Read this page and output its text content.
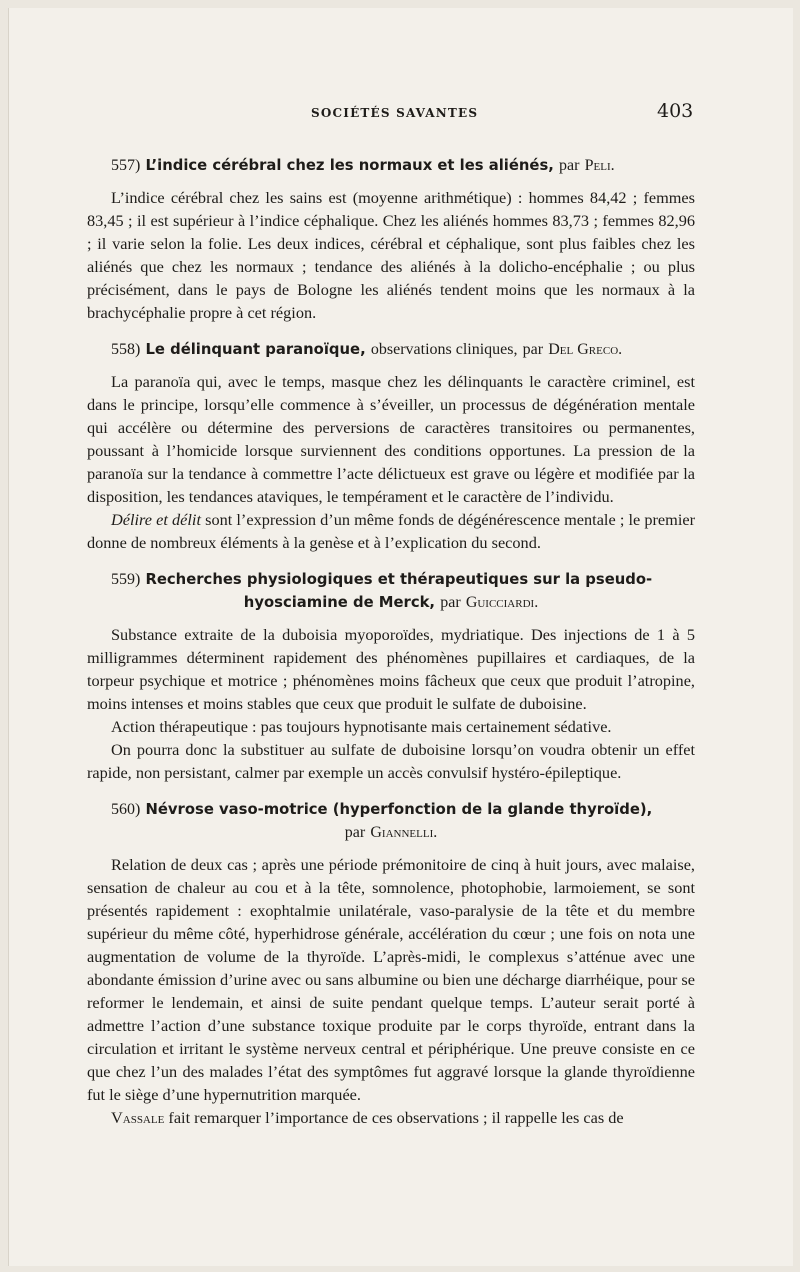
SOCIÉTÉS SAVANTES	403
557) L’indice cérébral chez les normaux et les aliénés, par Peli.

L’indice cérébral chez les sains est (moyenne arithmétique) : hommes 84,42 ; femmes 83,45 ; il est supérieur à l’indice céphalique. Chez les aliénés hommes 83,73 ; femmes 82,96 ; il varie selon la folie. Les deux indices, cérébral et céphalique, sont plus faibles chez les aliénés que chez les normaux ; tendance des aliénés à la dolicho-encéphalie ; ou plus précisément, dans le pays de Bologne les aliénés tendent moins que les normaux à la brachycéphalie propre à cet région.

558) Le délinquant paranoïque, observations cliniques, par Del Greco.

La paranoïa qui, avec le temps, masque chez les délinquants le caractère criminel, est dans le principe, lorsqu’elle commence à s’éveiller, un processus de dégénération mentale qui accélère ou détermine des perversions de caractères transitoires ou permanentes, poussant à l’homicide lorsque surviennent des conditions opportunes. La pression de la paranoïa sur la tendance à commettre l’acte délictueux est grave ou légère et modifiée par la disposition, les tendances ataviques, le tempérament et le caractère de l’individu.

Délire et délit sont l’expression d’un même fonds de dégénérescence mentale ; le premier donne de nombreux éléments à la genèse et à l’explication du second.

559) Recherches physiologiques et thérapeutiques sur la pseudo-
hyosciamine de Merck, par Guicciardi.

Substance extraite de la duboisia myoporoïdes, mydriatique. Des injections de 1 à 5 milligrammes déterminent rapidement des phénomènes pupillaires et cardiaques, de la torpeur psychique et motrice ; phénomènes moins fâcheux que ceux que produit l’atropine, moins intenses et moins stables que ceux que produit le sulfate de duboisine.

Action thérapeutique : pas toujours hypnotisante mais certainement sédative.

On pourra donc la substituer au sulfate de duboisine lorsqu’on voudra obtenir un effet rapide, non persistant, calmer par exemple un accès convulsif hystéro-épileptique.

560) Névrose vaso-motrice (hyperfonction de la glande thyroïde),
par Giannelli.

Relation de deux cas ; après une période prémonitoire de cinq à huit jours, avec malaise, sensation de chaleur au cou et à la tête, somnolence, photophobie, larmoiement, se sont présentés rapidement : exophtalmie unilatérale, vaso-paralysie de la tête et du membre supérieur du même côté, hyperhidrose générale, accélération du cœur ; une fois on nota une augmentation de volume de la thyroïde. L’après-midi, le complexus s’atténue avec une abondante émission d’urine avec ou sans albumine ou bien une décharge diarrhéique, pour se reformer le lendemain, et ainsi de suite pendant quelque temps. L’auteur serait porté à admettre l’action d’une substance toxique produite par le corps thyroïde, entrant dans la circulation et irritant le système nerveux central et périphérique. Une preuve consiste en ce que chez l’un des malades l’état des symptômes fut aggravé lorsque la glande thyroïdienne fut le siège d’une hypernutrition marquée.

Vassale fait remarquer l’importance de ces observations ; il rappelle les cas de
